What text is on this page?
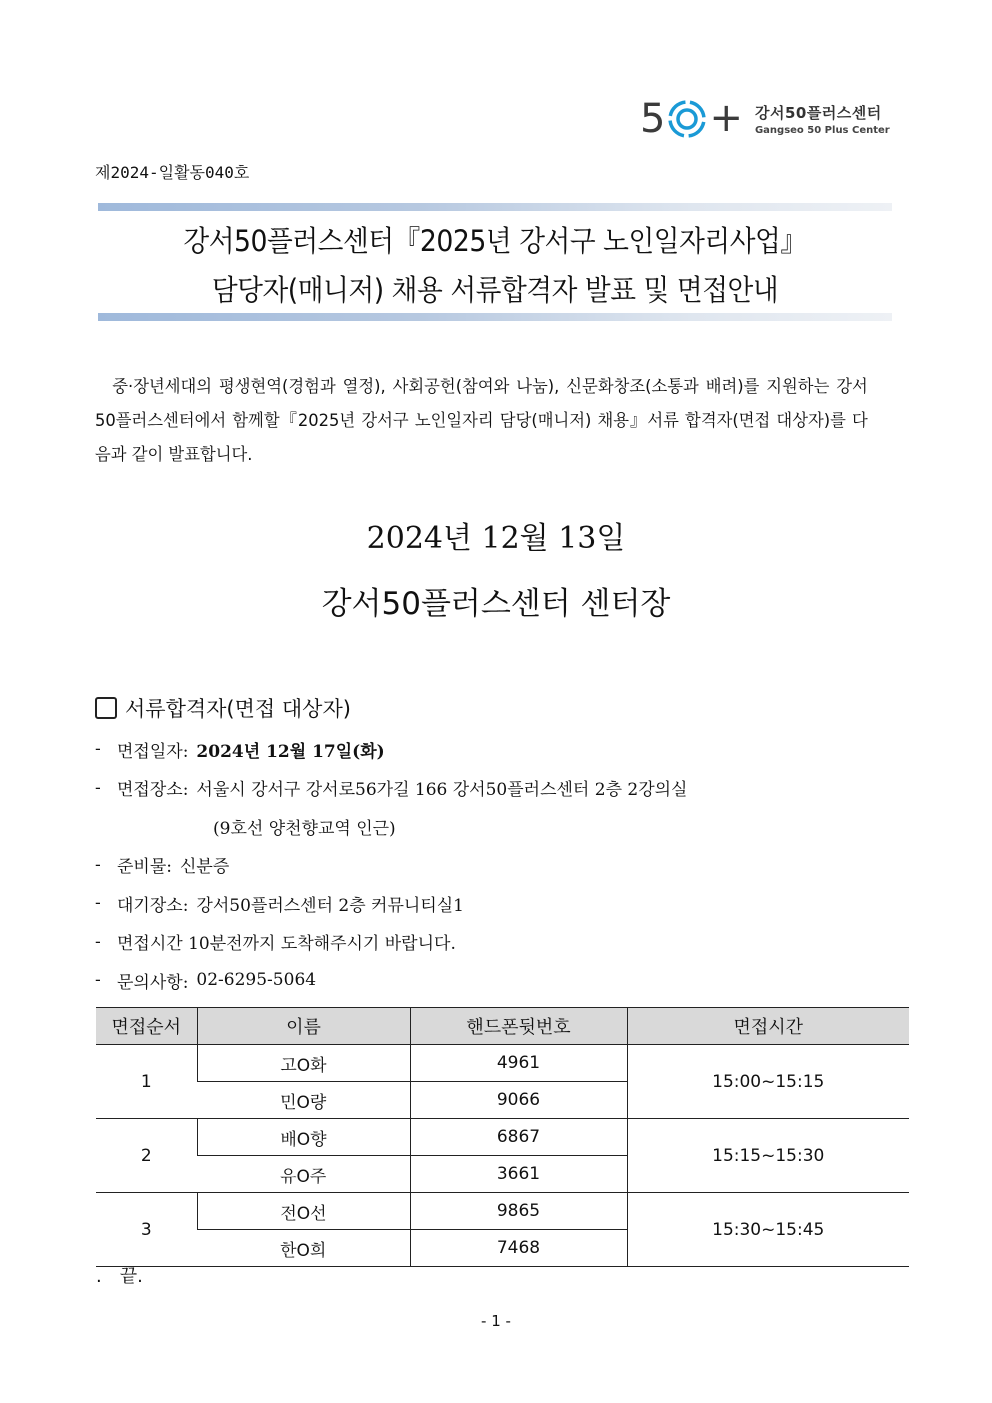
5 + 강서50플러스센터
Gangseo 50 Plus Center
제2024-일활동040호
강서50플러스센터『2025년 강서구 노인일자리사업』
담당자(매니저) 채용 서류합격자 발표 및 면접안내
중·장년세대의 평생현역(경험과 열정), 사회공헌(참여와 나눔), 신문화창조(소통과 배려)를 지원하는 강서50플러스센터에서 함께할『2025년 강서구 노인일자리 담당(매니저) 채용』서류 합격자(면접 대상자)를 다음과 같이 발표합니다.
2024년 12월 13일
강서50플러스센터 센터장
서류합격자(면접 대상자)
- 면접일자: 2024년 12월 17일(화)
- 면접장소: 서울시 강서구 강서로56가길 166 강서50플러스센터 2층 2강의실
(9호선 양천향교역 인근)
- 준비물: 신분증
- 대기장소: 강서50플러스센터 2층 커뮤니티실1
- 면접시간 10분전까지 도착해주시기 바랍니다.
- 문의사항: 02-6295-5064
면접순서	이름	핸드폰뒷번호	면접시간
1	고O화	4961	15:00~15:15
	민O량	9066	
2	배O향	6867	15:15~15:30
	유O주	3661	
3	전O선	9865	15:30~15:45
	한O희	7468	
. 끝.
- 1 -
